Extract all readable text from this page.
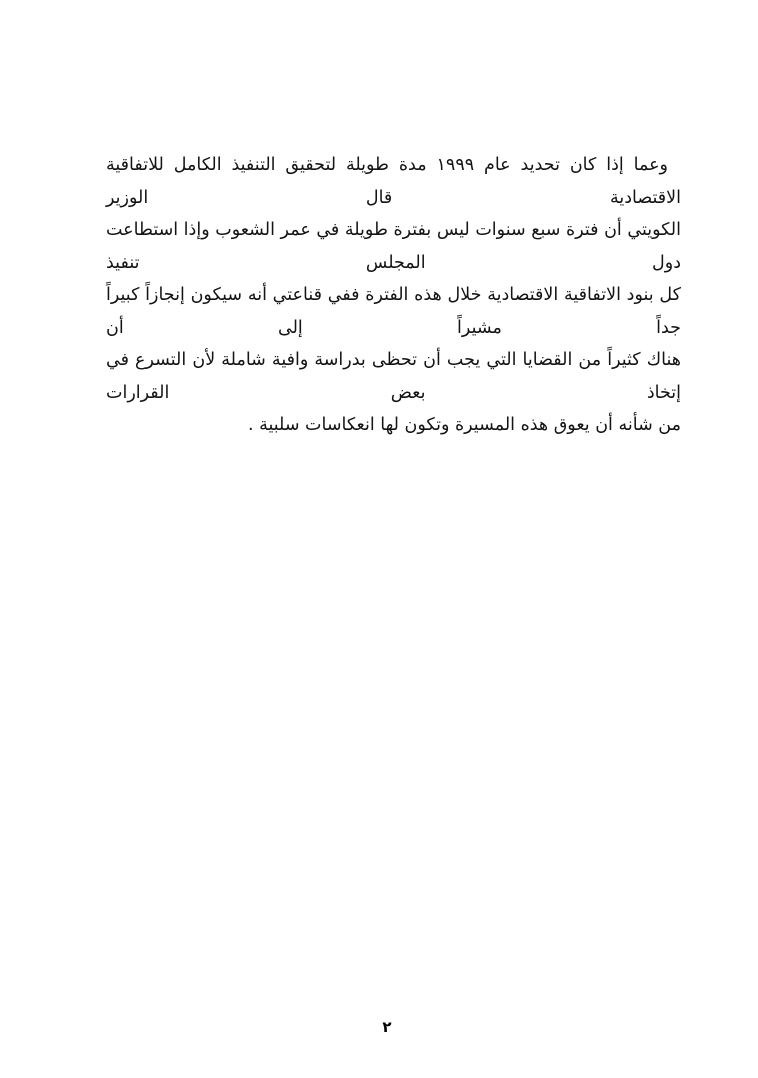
وعما إذا كان تحديد عام ١٩٩٩ مدة طويلة لتحقيق التنفيذ الكامل للاتفاقية الاقتصادية قال الوزير
الكويتي أن فترة سبع سنوات ليس بفترة طويلة في عمر الشعوب وإذا استطاعت دول المجلس تنفيذ
كل بنود الاتفاقية الاقتصادية خلال هذه الفترة ففي قناعتي أنه سيكون إنجازاً كبيراً جداً مشيراً إلى أن
هناك كثيراً من القضايا التي يجب أن تحظى بدراسة وافية شاملة لأن التسرع في إتخاذ بعض القرارات
من شأنه أن يعوق هذه المسيرة وتكون لها انعكاسات سلبية .
٢
